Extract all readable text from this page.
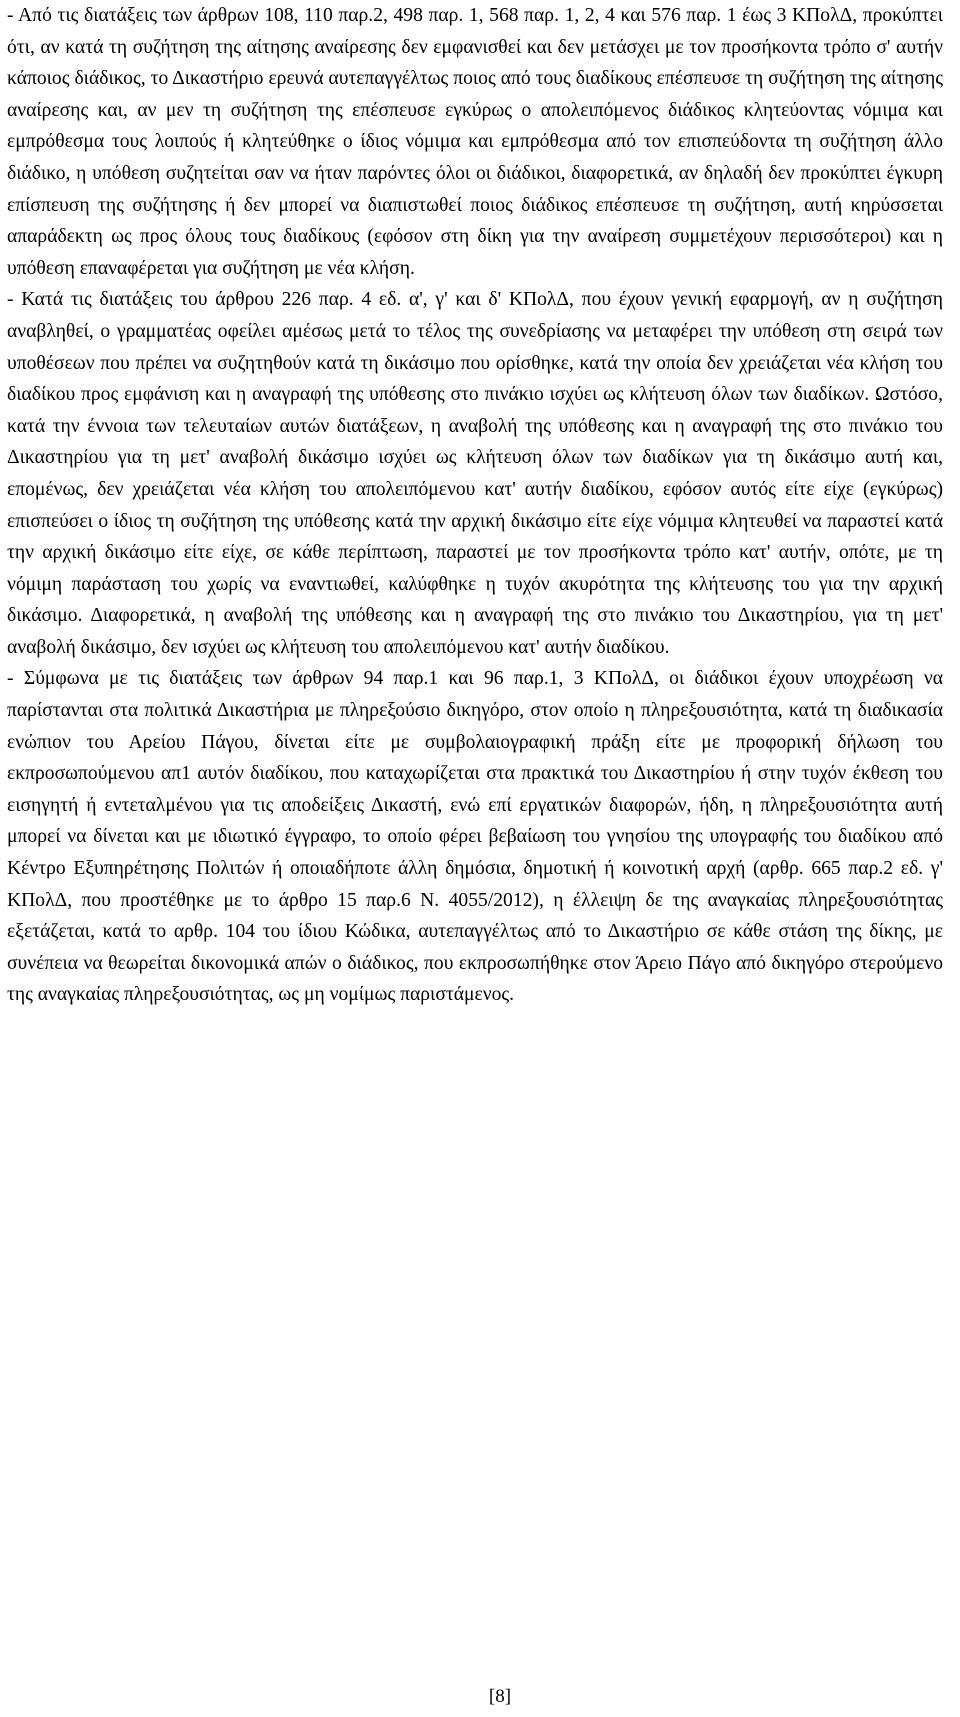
- Από τις διατάξεις των άρθρων 108, 110 παρ.2, 498 παρ. 1, 568 παρ. 1, 2, 4 και 576 παρ. 1 έως 3 ΚΠολΔ, προκύπτει ότι, αν κατά τη συζήτηση της αίτησης αναίρεσης δεν εμφανισθεί και δεν μετάσχει με τον προσήκοντα τρόπο σ' αυτήν κάποιος διάδικος, το Δικαστήριο ερευνά αυτεπαγγέλτως ποιος από τους διαδίκους επέσπευσε τη συζήτηση της αίτησης αναίρεσης και, αν μεν τη συζήτηση της επέσπευσε εγκύρως ο απολειπόμενος διάδικος κλητεύοντας νόμιμα και εμπρόθεσμα τους λοιπούς ή κλητεύθηκε ο ίδιος νόμιμα και εμπρόθεσμα από τον επισπεύδοντα τη συζήτηση άλλο διάδικο, η υπόθεση συζητείται σαν να ήταν παρόντες όλοι οι διάδικοι, διαφορετικά, αν δηλαδή δεν προκύπτει έγκυρη επίσπευση της συζήτησης ή δεν μπορεί να διαπιστωθεί ποιος διάδικος επέσπευσε τη συζήτηση, αυτή κηρύσσεται απαράδεκτη ως προς όλους τους διαδίκους (εφόσον στη δίκη για την αναίρεση συμμετέχουν περισσότεροι) και η υπόθεση επαναφέρεται για συζήτηση με νέα κλήση.

- Κατά τις διατάξεις του άρθρου 226 παρ. 4 εδ. α', γ' και δ' ΚΠολΔ, που έχουν γενική εφαρμογή, αν η συζήτηση αναβληθεί, ο γραμματέας οφείλει αμέσως μετά το τέλος της συνεδρίασης να μεταφέρει την υπόθεση στη σειρά των υποθέσεων που πρέπει να συζητηθούν κατά τη δικάσιμο που ορίσθηκε, κατά την οποία δεν χρειάζεται νέα κλήση του διαδίκου προς εμφάνιση και η αναγραφή της υπόθεσης στο πινάκιο ισχύει ως κλήτευση όλων των διαδίκων. Ωστόσο, κατά την έννοια των τελευταίων αυτών διατάξεων, η αναβολή της υπόθεσης και η αναγραφή της στο πινάκιο του Δικαστηρίου για τη μετ' αναβολή δικάσιμο ισχύει ως κλήτευση όλων των διαδίκων για τη δικάσιμο αυτή και, επομένως, δεν χρειάζεται νέα κλήση του απολειπόμενου κατ' αυτήν διαδίκου, εφόσον αυτός είτε είχε (εγκύρως) επισπεύσει ο ίδιος τη συζήτηση της υπόθεσης κατά την αρχική δικάσιμο είτε είχε νόμιμα κλητευθεί να παραστεί κατά την αρχική δικάσιμο είτε είχε, σε κάθε περίπτωση, παραστεί με τον προσήκοντα τρόπο κατ' αυτήν, οπότε, με τη νόμιμη παράσταση του χωρίς να εναντιωθεί, καλύφθηκε η τυχόν ακυρότητα της κλήτευσης του για την αρχική δικάσιμο. Διαφορετικά, η αναβολή της υπόθεσης και η αναγραφή της στο πινάκιο του Δικαστηρίου, για τη μετ' αναβολή δικάσιμο, δεν ισχύει ως κλήτευση του απολειπόμενου κατ' αυτήν διαδίκου.

- Σύμφωνα με τις διατάξεις των άρθρων 94 παρ.1 και 96 παρ.1, 3 ΚΠολΔ, οι διάδικοι έχουν υποχρέωση να παρίστανται στα πολιτικά Δικαστήρια με πληρεξούσιο δικηγόρο, στον οποίο η πληρεξουσιότητα, κατά τη διαδικασία ενώπιον του Αρείου Πάγου, δίνεται είτε με συμβολαιογραφική πράξη είτε με προφορική δήλωση του εκπροσωπούμενου απ1 αυτόν διαδίκου, που καταχωρίζεται στα πρακτικά του Δικαστηρίου ή στην τυχόν έκθεση του εισηγητή ή εντεταλμένου για τις αποδείξεις Δικαστή, ενώ επί εργατικών διαφορών, ήδη, η πληρεξουσιότητα αυτή μπορεί να δίνεται και με ιδιωτικό έγγραφο, το οποίο φέρει βεβαίωση του γνησίου της υπογραφής του διαδίκου από Κέντρο Εξυπηρέτησης Πολιτών ή οποιαδήποτε άλλη δημόσια, δημοτική ή κοινοτική αρχή (αρθρ. 665 παρ.2 εδ. γ' ΚΠολΔ, που προστέθηκε με το άρθρο 15 παρ.6 Ν. 4055/2012), η έλλειψη δε της αναγκαίας πληρεξουσιότητας εξετάζεται, κατά το αρθρ. 104 του ίδιου Κώδικα, αυτεπαγγέλτως από το Δικαστήριο σε κάθε στάση της δίκης, με συνέπεια να θεωρείται δικονομικά απών ο διάδικος, που εκπροσωπήθηκε στον Άρειο Πάγο από δικηγόρο στερούμενο της αναγκαίας πληρεξουσιότητας, ως μη νομίμως παριστάμενος.

[8]
